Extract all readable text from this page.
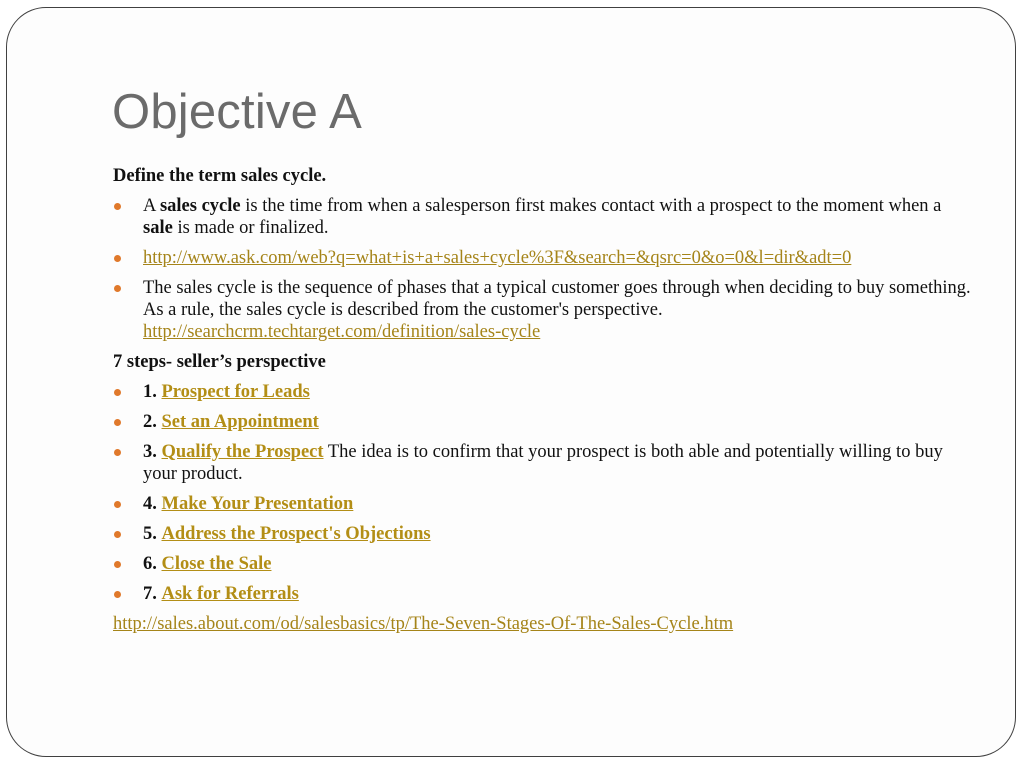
Objective A

Define the term sales cycle.

A sales cycle is the time from when a salesperson first makes contact with a prospect to the moment when a sale is made or finalized.
http://www.ask.com/web?q=what+is+a+sales+cycle%3F&search=&qsrc=0&o=0&l=dir&adt=0
The sales cycle is the sequence of phases that a typical customer goes through when deciding to buy something. As a rule, the sales cycle is described from the customer's perspective.
http://searchcrm.techtarget.com/definition/sales-cycle

7 steps- seller’s perspective

1. Prospect for Leads
2. Set an Appointment
3. Qualify the Prospect The idea is to confirm that your prospect is both able and potentially willing to buy your product.
4. Make Your Presentation
5. Address the Prospect's Objections
6. Close the Sale
7. Ask for Referrals

http://sales.about.com/od/salesbasics/tp/The-Seven-Stages-Of-The-Sales-Cycle.htm
